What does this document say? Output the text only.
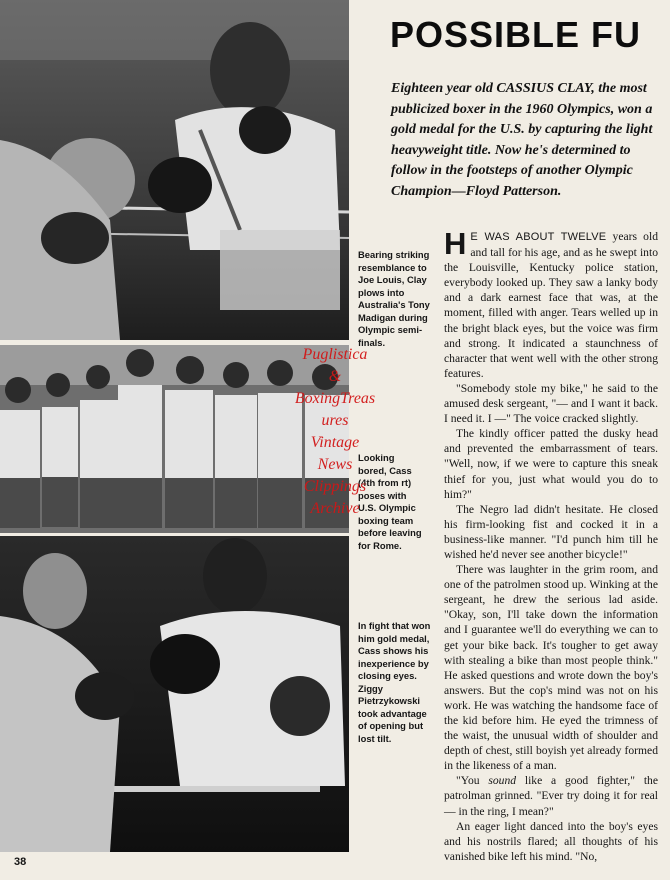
Bearing striking resemblance to Joe Louis, Clay plows into Australia's Tony Madigan during Olympic semi-finals.
Looking bored, Cass (4th from rt) poses with U.S. Olympic boxing team before leaving for Rome.
In fight that won him gold medal, Cass shows his inexperience by closing eyes. Ziggy Pietrzykowski took advantage of opening but lost tilt.
Puglistica
&
BoxingTreas
ures
Vintage
News
Clippings
Archive
POSSIBLE FU
Eighteen year old CASSIUS CLAY, the most publicized boxer in the 1960 Olympics, won a gold medal for the U.S. by capturing the light heavyweight title. Now he's determined to follow in the footsteps of another Olympic Champion—Floyd Patterson.

H E WAS ABOUT TWELVE years old and tall for his age, and as he swept into the Louisville, Kentucky police station, everybody looked up. They saw a lanky body and a dark earnest face that was, at the moment, filled with anger. Tears welled up in the bright black eyes, but the voice was firm and strong. It indicated a staunchness of character that went well with the other strong features.

"Somebody stole my bike," he said to the amused desk sergeant, "— and I want it back. I need it. I —" The voice cracked slightly.

The kindly officer patted the dusky head and prevented the embarrassment of tears. "Well, now, if we were to capture this sneak thief for you, just what would you do to him?"

The Negro lad didn't hesitate. He closed his firm-looking fist and cocked it in a business-like manner. "I'd punch him till he wished he'd never see another bicycle!"

There was laughter in the grim room, and one of the patrolmen stood up. Winking at the sergeant, he drew the serious lad aside. "Okay, son, I'll take down the information and I guarantee we'll do everything we can to get your bike back. It's tougher to get away with stealing a bike than most people think." He asked questions and wrote down the boy's answers. But the cop's mind was not on his work. He was watching the handsome face of the kid before him. He eyed the trimness of the waist, the unusual width of shoulder and depth of chest, still boyish yet already formed in the likeness of a man.

"You sound like a good fighter," the patrolman grinned. "Ever try doing it for real — in the ring, I mean?"

An eager light danced into the boy's eyes and his nostrils flared; all thoughts of his vanished bike left his mind. "No,

38
